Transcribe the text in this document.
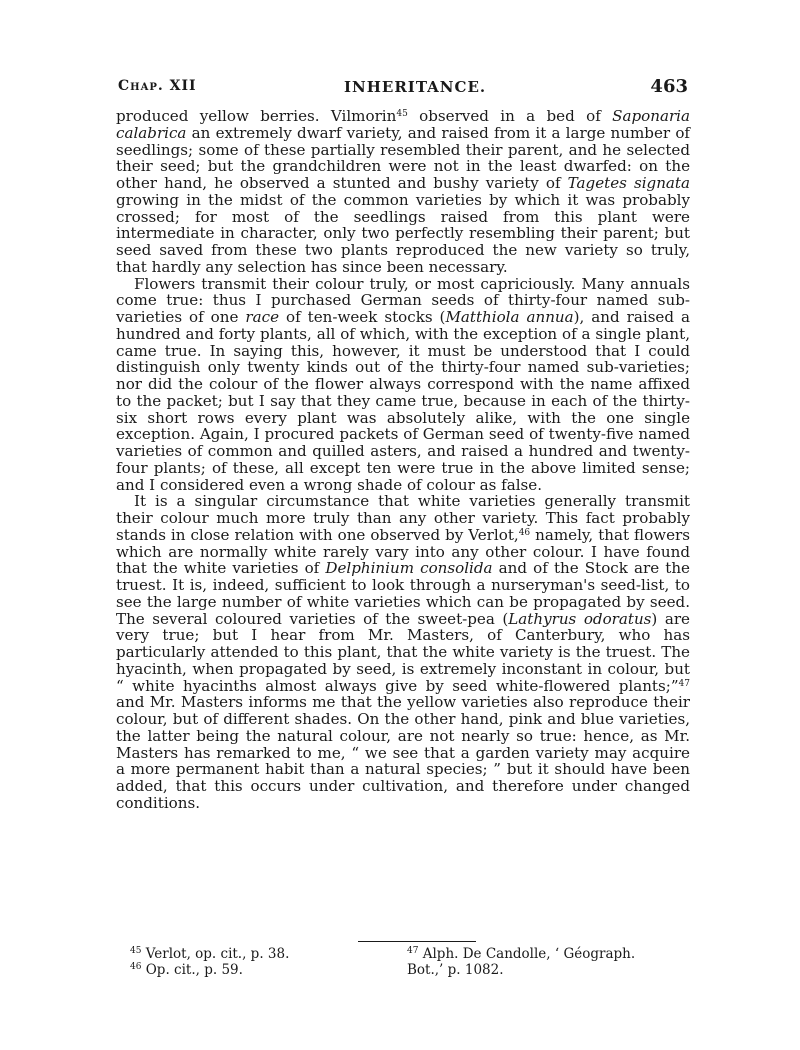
Chap. XII	INHERITANCE.	463

produced yellow berries. Vilmorin$^{45}$ observed in a bed of Saponaria calabrica an extremely dwarf variety, and raised from it a large number of seedlings; some of these partially resembled their parent, and he selected their seed; but the grandchildren were not in the least dwarfed: on the other hand, he observed a stunted and bushy variety of Tagetes signata growing in the midst of the common varieties by which it was probably crossed; for most of the seedlings raised from this plant were intermediate in character, only two perfectly resembling their parent; but seed saved from these two plants reproduced the new variety so truly, that hardly any selection has since been necessary.

Flowers transmit their colour truly, or most capriciously. Many annuals come true: thus I purchased German seeds of thirty-four named sub-varieties of one race of ten-week stocks (Matthiola annua), and raised a hundred and forty plants, all of which, with the exception of a single plant, came true. In saying this, however, it must be understood that I could distinguish only twenty kinds out of the thirty-four named sub-varieties; nor did the colour of the flower always correspond with the name affixed to the packet; but I say that they came true, because in each of the thirty-six short rows every plant was absolutely alike, with the one single exception. Again, I procured packets of German seed of twenty-five named varieties of common and quilled asters, and raised a hundred and twenty-four plants; of these, all except ten were true in the above limited sense; and I considered even a wrong shade of colour as false.

It is a singular circumstance that white varieties generally transmit their colour much more truly than any other variety. This fact probably stands in close relation with one observed by Verlot,$^{46}$ namely, that flowers which are normally white rarely vary into any other colour. I have found that the white varieties of Delphinium consolida and of the Stock are the truest. It is, indeed, sufficient to look through a nurseryman's seed-list, to see the large number of white varieties which can be propagated by seed. The several coloured varieties of the sweet-pea (Lathyrus odoratus) are very true; but I hear from Mr. Masters, of Canterbury, who has particularly attended to this plant, that the white variety is the truest. The hyacinth, when propagated by seed, is extremely inconstant in colour, but “ white hyacinths almost always give by seed white-flowered plants;”$^{47}$ and Mr. Masters informs me that the yellow varieties also reproduce their colour, but of different shades. On the other hand, pink and blue varieties, the latter being the natural colour, are not nearly so true: hence, as Mr. Masters has remarked to me, “ we see that a garden variety may acquire a more permanent habit than a natural species; ” but it should have been added, that this occurs under cultivation, and therefore under changed conditions.

$^{45}$ Verlot, op. cit., p. 38.
$^{46}$ Op. cit., p. 59.
$^{47}$ Alph. De Candolle, ‘ Géograph.
Bot.,’ p. 1082.
